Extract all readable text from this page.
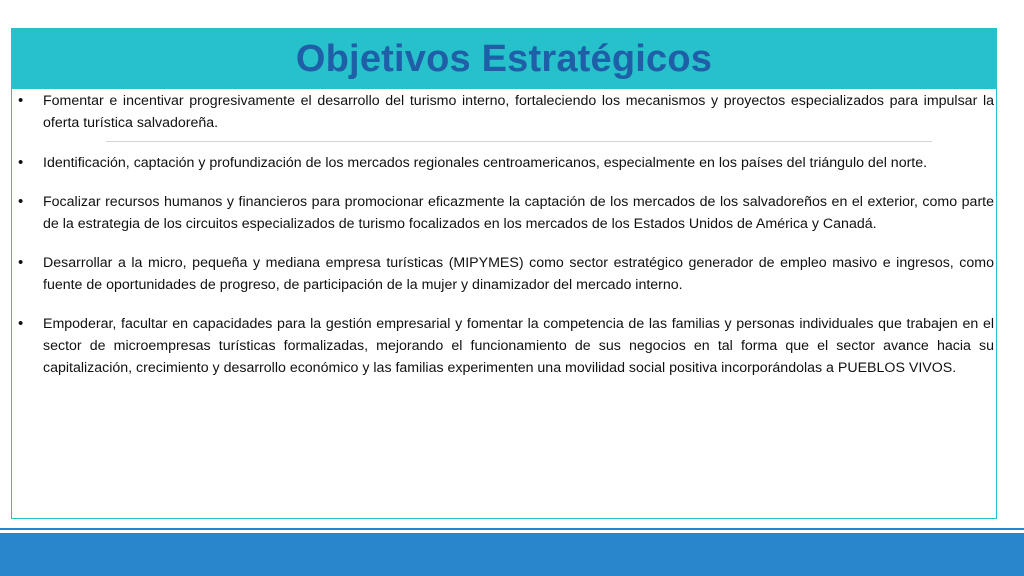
Objetivos Estratégicos
•	Fomentar e incentivar progresivamente el desarrollo del turismo interno, fortaleciendo los mecanismos y proyectos especializados para impulsar la oferta turística salvadoreña.
•	Identificación, captación y profundización de los mercados regionales centroamericanos, especialmente en los países del triángulo del norte.
•	Focalizar recursos humanos y financieros para promocionar eficazmente la captación de los mercados de los salvadoreños en el exterior, como parte de la estrategia de los circuitos especializados de turismo focalizados en los mercados de los Estados Unidos de América y Canadá.
•	Desarrollar a la micro, pequeña y mediana empresa turísticas (MIPYMES) como sector estratégico generador de empleo masivo e ingresos, como fuente de oportunidades de progreso, de participación de la mujer y dinamizador del mercado interno.
•	Empoderar, facultar en capacidades para la gestión empresarial y fomentar la competencia de las familias y personas individuales que trabajen en el sector de microempresas turísticas formalizadas, mejorando el funcionamiento de sus negocios en tal forma que el sector avance hacia su capitalización, crecimiento y desarrollo económico y las familias experimenten una movilidad social positiva incorporándolas a PUEBLOS VIVOS.
